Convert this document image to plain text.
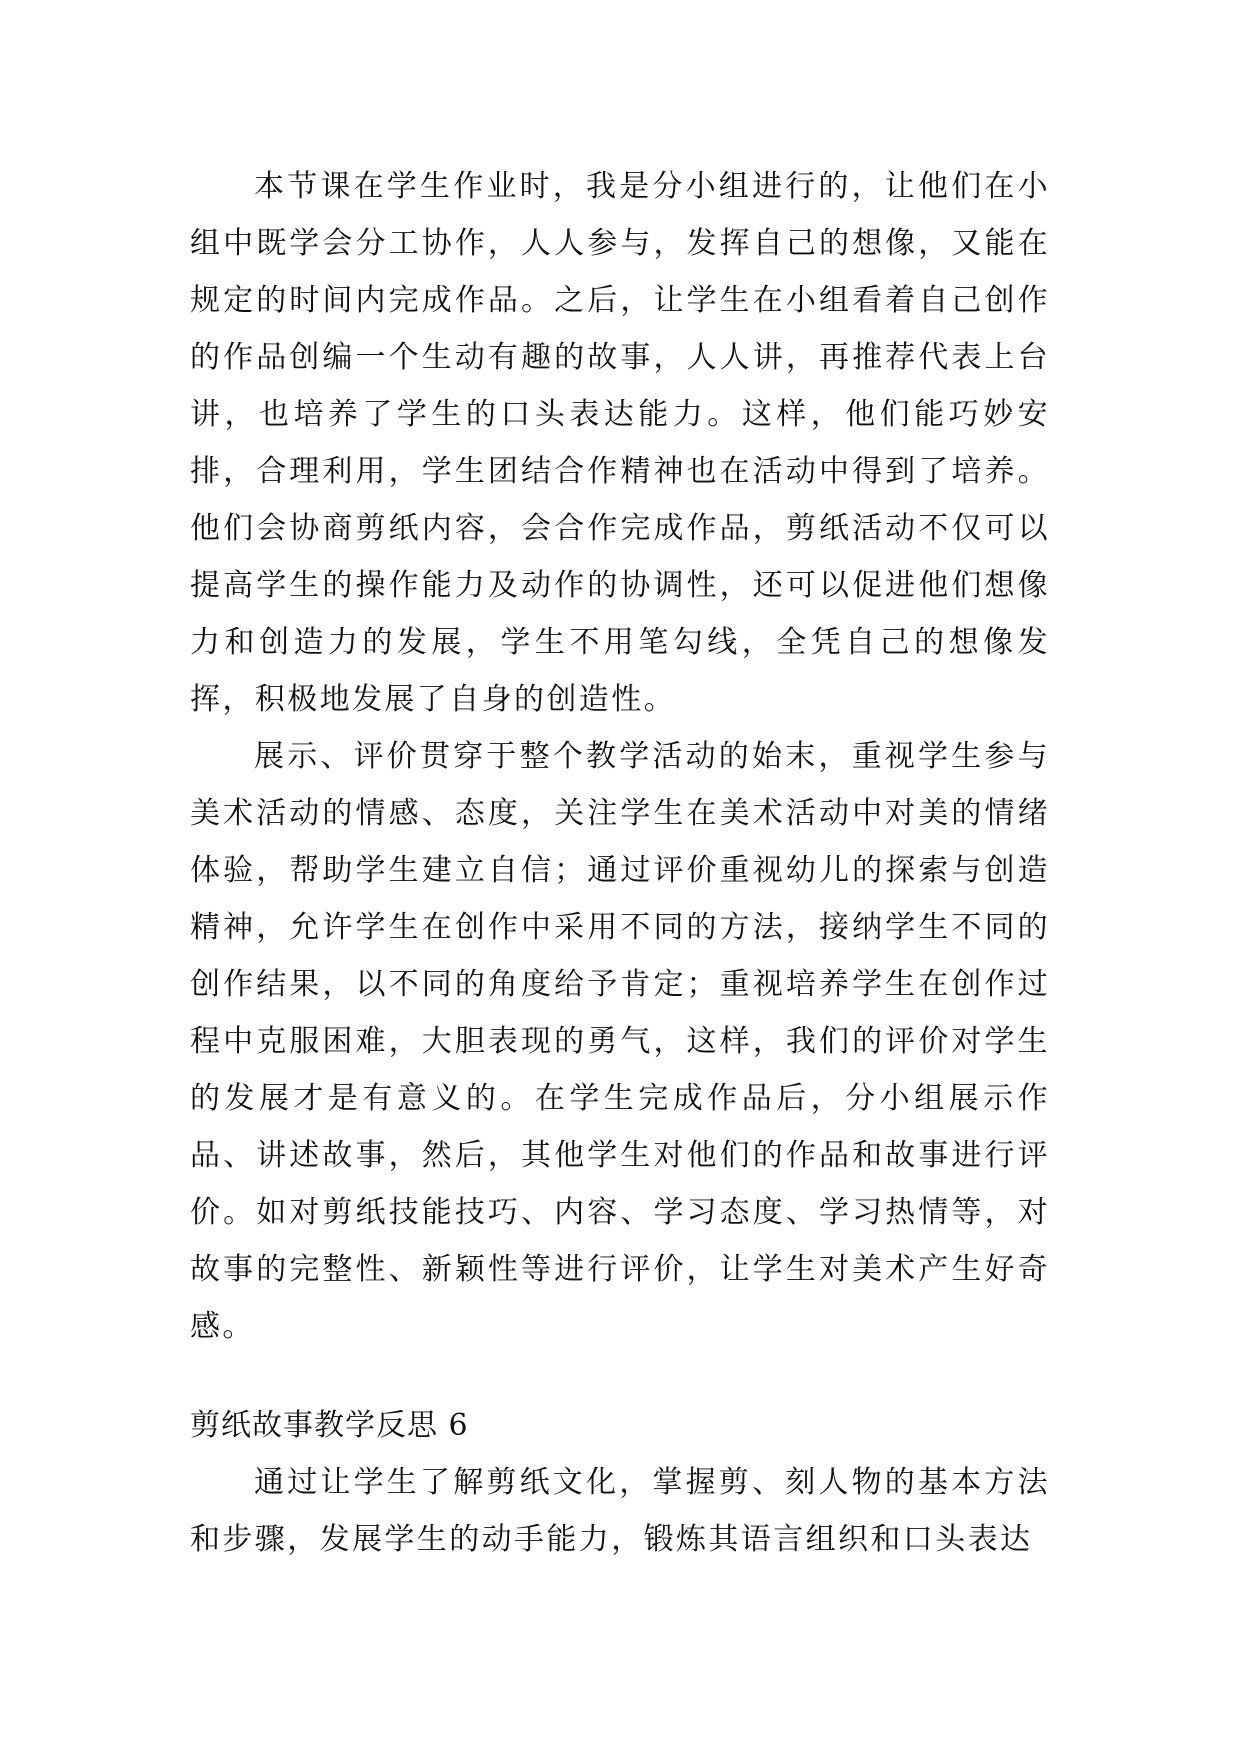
本节课在学生作业时，我是分小组进行的，让他们在小组中既学会分工协作，人人参与，发挥自己的想像，又能在规定的时间内完成作品。之后，让学生在小组看着自己创作的作品创编一个生动有趣的故事，人人讲，再推荐代表上台讲，也培养了学生的口头表达能力。这样，他们能巧妙安排，合理利用，学生团结合作精神也在活动中得到了培养。他们会协商剪纸内容，会合作完成作品，剪纸活动不仅可以提高学生的操作能力及动作的协调性，还可以促进他们想像力和创造力的发展，学生不用笔勾线，全凭自己的想像发挥，积极地发展了自身的创造性。

展示、评价贯穿于整个教学活动的始末，重视学生参与美术活动的情感、态度，关注学生在美术活动中对美的情绪体验，帮助学生建立自信；通过评价重视幼儿的探索与创造精神，允许学生在创作中采用不同的方法，接纳学生不同的创作结果，以不同的角度给予肯定；重视培养学生在创作过程中克服困难，大胆表现的勇气，这样，我们的评价对学生的发展才是有意义的。在学生完成作品后，分小组展示作品、讲述故事，然后，其他学生对他们的作品和故事进行评价。如对剪纸技能技巧、内容、学习态度、学习热情等，对故事的完整性、新颖性等进行评价，让学生对美术产生好奇感。

剪纸故事教学反思 6

通过让学生了解剪纸文化，掌握剪、刻人物的基本方法和步骤，发展学生的动手能力，锻炼其语言组织和口头表达
